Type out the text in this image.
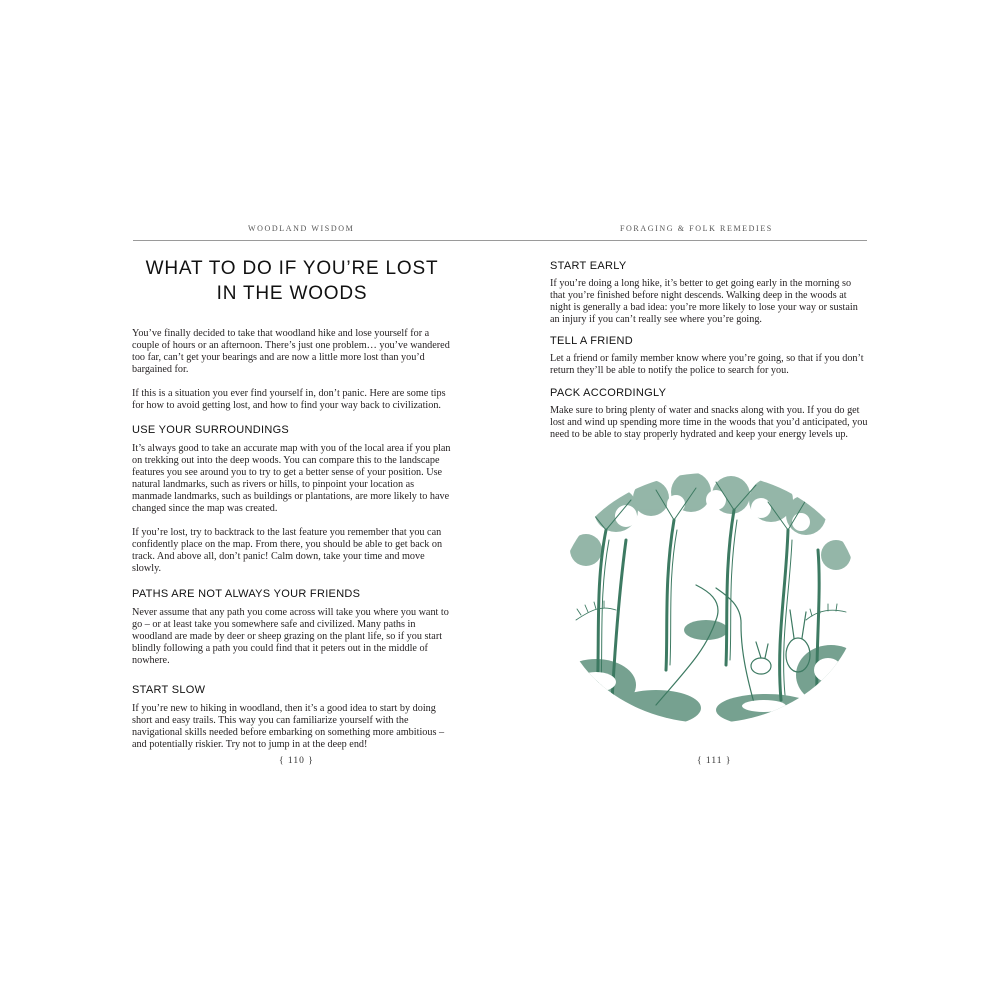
WOODLAND WISDOM	FORAGING & FOLK REMEDIES
WHAT TO DO IF YOU’RE LOST
IN THE WOODS

You’ve finally decided to take that woodland hike and lose yourself for a couple of hours or an afternoon. There’s just one problem… you’ve wandered too far, can’t get your bearings and are now a little more lost than you’d bargained for.

If this is a situation you ever find yourself in, don’t panic. Here are some tips for how to avoid getting lost, and how to find your way back to civilization.

USE YOUR SURROUNDINGS

It’s always good to take an accurate map with you of the local area if you plan on trekking out into the deep woods. You can compare this to the landscape features you see around you to try to get a better sense of your position. Use natural landmarks, such as rivers or hills, to pinpoint your location as manmade landmarks, such as buildings or plantations, are more likely to have changed since the map was created.

If you’re lost, try to backtrack to the last feature you remember that you can confidently place on the map. From there, you should be able to get back on track. And above all, don’t panic! Calm down, take your time and move slowly.

PATHS ARE NOT ALWAYS YOUR FRIENDS

Never assume that any path you come across will take you where you want to go – or at least take you somewhere safe and civilized. Many paths in woodland are made by deer or sheep grazing on the plant life, so if you start blindly following a path you could find that it peters out in the middle of nowhere.

START SLOW

If you’re new to hiking in woodland, then it’s a good idea to start by doing short and easy trails. This way you can familiarize yourself with the navigational skills needed before embarking on something more ambitious – and potentially riskier. Try not to jump in at the deep end!

START EARLY

If you’re doing a long hike, it’s better to get going early in the morning so that you’re finished before night descends. Walking deep in the woods at night is generally a bad idea: you’re more likely to lose your way or sustain an injury if you can’t really see where you’re going.

TELL A FRIEND

Let a friend or family member know where you’re going, so that if you don’t return they’ll be able to notify the police to search for you.

PACK ACCORDINGLY

Make sure to bring plenty of water and snacks along with you. If you do get lost and wind up spending more time in the woods that you’d anticipated, you need to be able to stay properly hydrated and keep your energy levels up.

{ 110 }	{ 111 }
